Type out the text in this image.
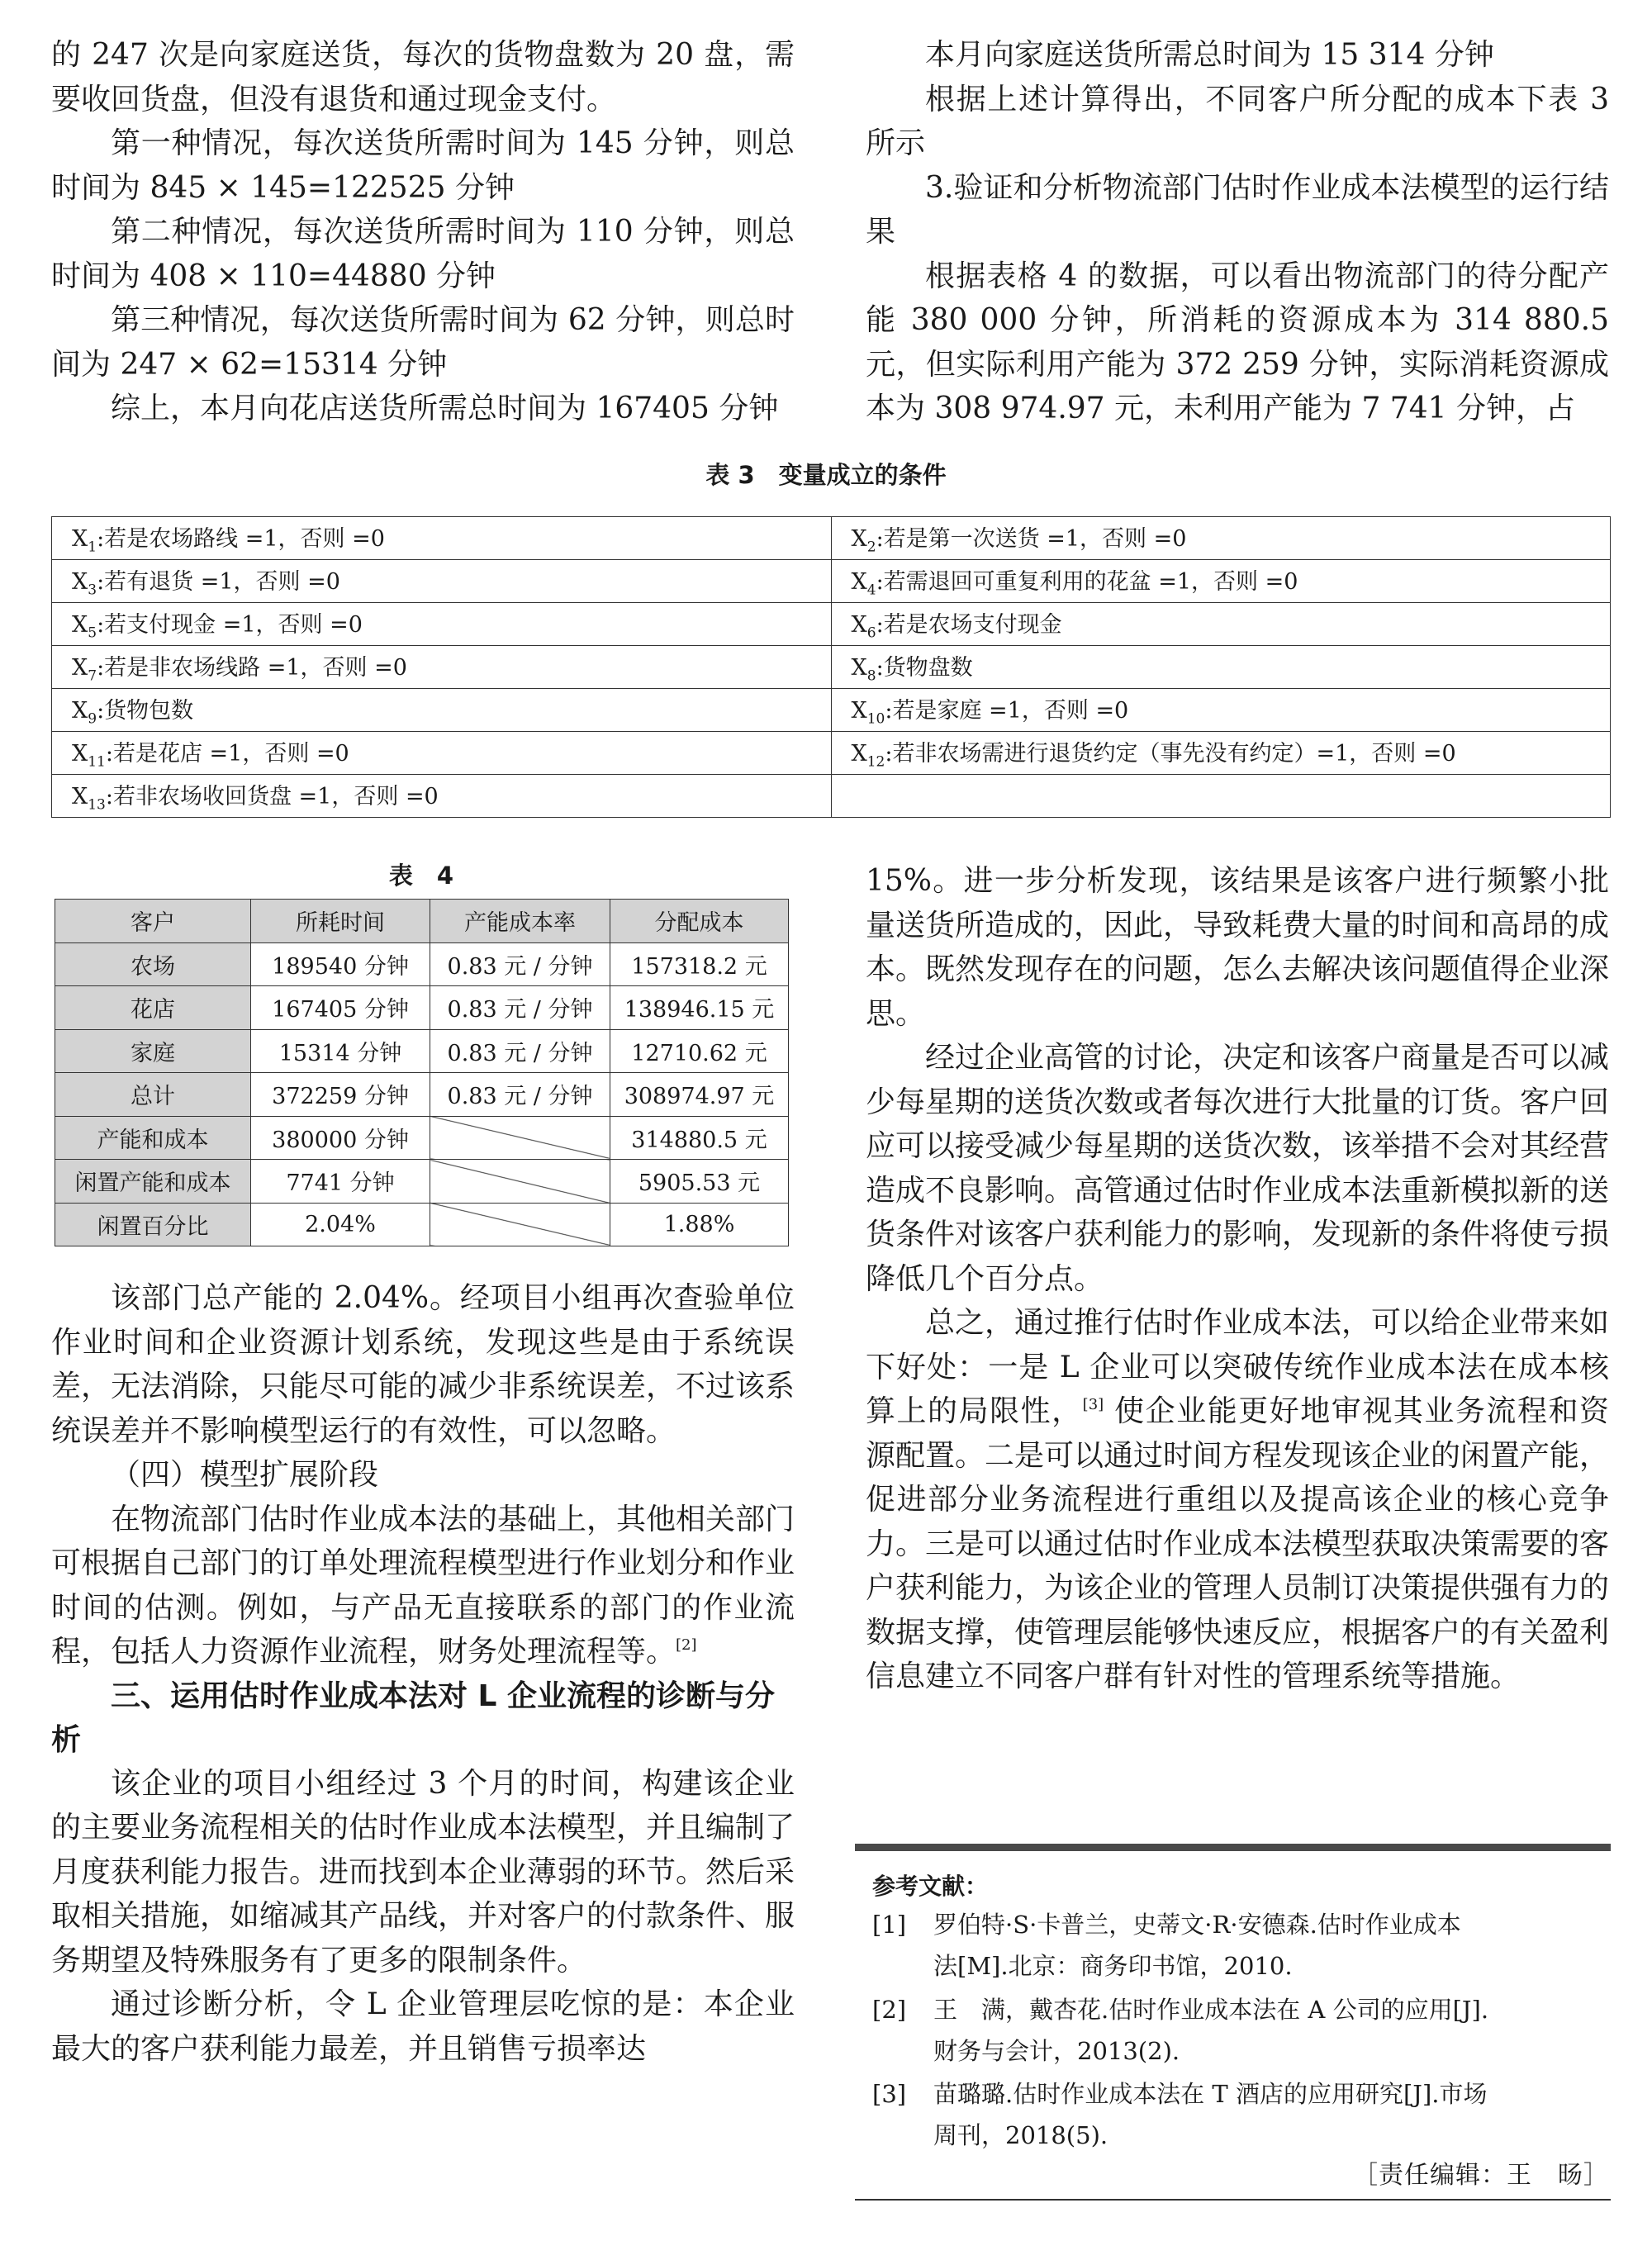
的 247 次是向家庭送货，每次的货物盘数为 20 盘，需要收回货盘，但没有退货和通过现金支付。

第一种情况，每次送货所需时间为 145 分钟，则总时间为 845 × 145=122525 分钟

第二种情况，每次送货所需时间为 110 分钟，则总时间为 408 × 110=44880 分钟

第三种情况，每次送货所需时间为 62 分钟，则总时间为 247 × 62=15314 分钟

综上，本月向花店送货所需总时间为 167405 分钟

本月向家庭送货所需总时间为 15 314 分钟

根据上述计算得出，不同客户所分配的成本下表 3 所示

3.验证和分析物流部门估时作业成本法模型的运行结果

根据表格 4 的数据，可以看出物流部门的待分配产能 380 000 分钟，所消耗的资源成本为 314 880.5 元，但实际利用产能为 372 259 分钟，实际消耗资源成本为 308 974.97 元，未利用产能为 7 741 分钟，占

表 3　变量成立的条件
$X_1$:若是农场路线 =1，否则 =0	$X_2$:若是第一次送货 =1，否则 =0
$X_3$:若有退货 =1，否则 =0	$X_4$:若需退回可重复利用的花盆 =1，否则 =0
$X_5$:若支付现金 =1，否则 =0	$X_6$:若是农场支付现金
$X_7$:若是非农场线路 =1，否则 =0	$X_8$:货物盘数
$X_9$:货物包数	$X_{10}$:若是家庭 =1，否则 =0
$X_{11}$:若是花店 =1，否则 =0	$X_{12}$:若非农场需进行退货约定（事先没有约定）=1，否则 =0
$X_{13}$:若非农场收回货盘 =1，否则 =0	
表　4
客户	所耗时间	产能成本率	分配成本
农场	189540 分钟	0.83 元 / 分钟	157318.2 元
花店	167405 分钟	0.83 元 / 分钟	138946.15 元
家庭	15314 分钟	0.83 元 / 分钟	12710.62 元
总计	372259 分钟	0.83 元 / 分钟	308974.97 元
产能和成本	380000 分钟		314880.5 元
闲置产能和成本	7741 分钟		5905.53 元
闲置百分比	2.04%		1.88%

该部门总产能的 2.04%。经项目小组再次查验单位作业时间和企业资源计划系统，发现这些是由于系统误差，无法消除，只能尽可能的减少非系统误差，不过该系统误差并不影响模型运行的有效性，可以忽略。

（四）模型扩展阶段

在物流部门估时作业成本法的基础上，其他相关部门可根据自己部门的订单处理流程模型进行作业划分和作业时间的估测。例如，与产品无直接联系的部门的作业流程，包括人力资源作业流程，财务处理流程等。[2]

三、运用估时作业成本法对 L 企业流程的诊断与分析

该企业的项目小组经过 3 个月的时间，构建该企业的主要业务流程相关的估时作业成本法模型，并且编制了月度获利能力报告。进而找到本企业薄弱的环节。然后采取相关措施，如缩减其产品线，并对客户的付款条件、服务期望及特殊服务有了更多的限制条件。

通过诊断分析，令 L 企业管理层吃惊的是：本企业最大的客户获利能力最差，并且销售亏损率达

15%。进一步分析发现，该结果是该客户进行频繁小批量送货所造成的，因此，导致耗费大量的时间和高昂的成本。既然发现存在的问题，怎么去解决该问题值得企业深思。

经过企业高管的讨论，决定和该客户商量是否可以减少每星期的送货次数或者每次进行大批量的订货。客户回应可以接受减少每星期的送货次数，该举措不会对其经营造成不良影响。高管通过估时作业成本法重新模拟新的送货条件对该客户获利能力的影响，发现新的条件将使亏损降低几个百分点。

总之，通过推行估时作业成本法，可以给企业带来如下好处：一是 L 企业可以突破传统作业成本法在成本核算上的局限性，[3] 使企业能更好地审视其业务流程和资源配置。二是可以通过时间方程发现该企业的闲置产能，促进部分业务流程进行重组以及提高该企业的核心竞争力。三是可以通过估时作业成本法模型获取决策需要的客户获利能力，为该企业的管理人员制订决策提供强有力的数据支撑，使管理层能够快速反应，根据客户的有关盈利信息建立不同客户群有针对性的管理系统等措施。

参考文献：
[1] 罗伯特·S·卡普兰，史蒂文·R·安德森.估时作业成本
法[M].北京：商务印书馆，2010.
[2] 王　满，戴杏花.估时作业成本法在 A 公司的应用[J].
财务与会计，2013(2).
[3] 苗璐璐.估时作业成本法在 T 酒店的应用研究[J].市场
周刊，2018(5).
［责任编辑：王　旸］
